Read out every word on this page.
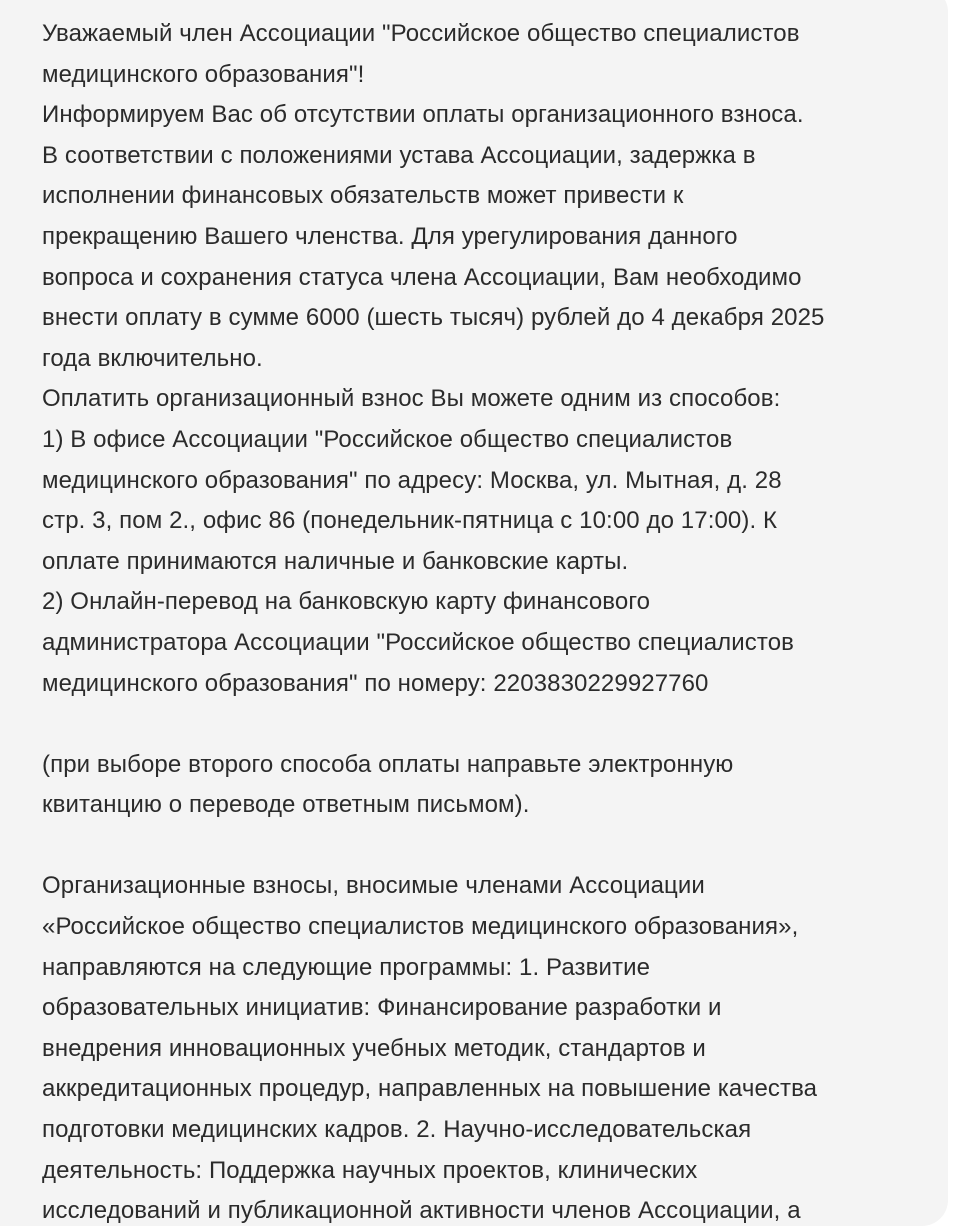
Уважаемый член Ассоциации "Российское общество специалистов
медицинского образования"!
Информируем Вас об отсутствии оплаты организационного взноса.
В соответствии с положениями устава Ассоциации, задержка в
исполнении финансовых обязательств может привести к
прекращению Вашего членства. Для урегулирования данного
вопроса и сохранения статуса члена Ассоциации, Вам необходимо
внести оплату в сумме 6000 (шесть тысяч) рублей до 4 декабря 2025
года включительно.
Оплатить организационный взнос Вы можете одним из способов:
1) В офисе Ассоциации "Российское общество специалистов
медицинского образования" по адресу: Москва, ул. Мытная, д. 28
стр. 3, пом 2., офис 86 (понедельник-пятница с 10:00 до 17:00). К
оплате принимаются наличные и банковские карты.
2) Онлайн-перевод на банковскую карту финансового
администратора Ассоциации "Российское общество специалистов
медицинского образования" по номеру: 2203830229927760
(при выборе второго способа оплаты направьте электронную
квитанцию о переводе ответным письмом).
Организационные взносы, вносимые членами Ассоциации
«Российское общество специалистов медицинского образования»,
направляются на следующие программы: 1. Развитие
образовательных инициатив: Финансирование разработки и
внедрения инновационных учебных методик, стандартов и
аккредитационных процедур, направленных на повышение качества
подготовки медицинских кадров. 2. Научно-исследовательская
деятельность: Поддержка научных проектов, клинических
исследований и публикационной активности членов Ассоциации, а
